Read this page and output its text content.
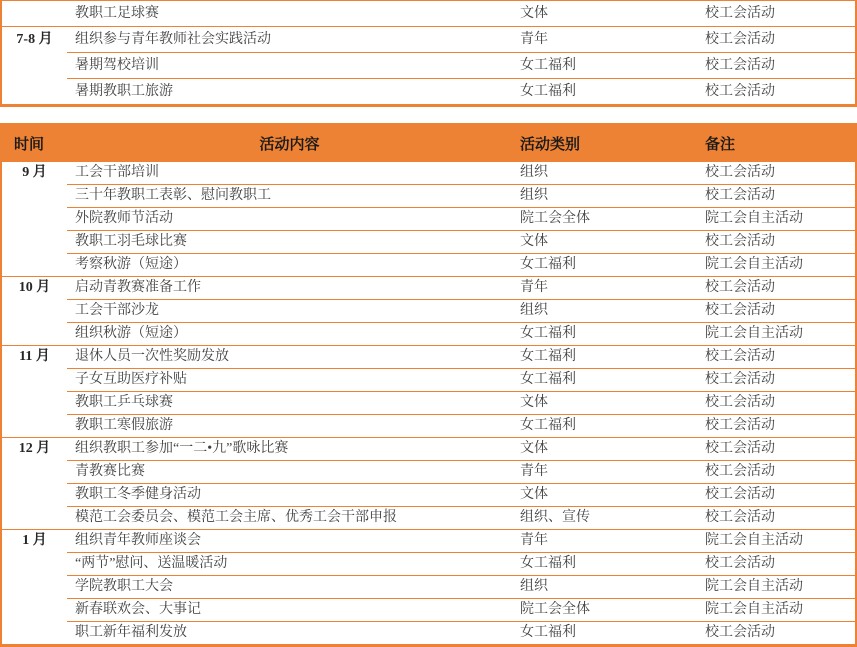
教职工足球赛	文体	校工会活动
7-8 月	组织参与青年教师社会实践活动	青年	校工会活动
暑期驾校培训	女工福利	校工会活动
暑期教职工旅游	女工福利	校工会活动
时间	活动内容	活动类别	备注
9 月	工会干部培训	组织	校工会活动
三十年教职工表彰、慰问教职工	组织	校工会活动
外院教师节活动	院工会全体	院工会自主活动
教职工羽毛球比赛	文体	校工会活动
考察秋游（短途）	女工福利	院工会自主活动
10 月	启动青教赛准备工作	青年	校工会活动
工会干部沙龙	组织	校工会活动
组织秋游（短途）	女工福利	院工会自主活动
11 月	退休人员一次性奖励发放	女工福利	校工会活动
子女互助医疗补贴	女工福利	校工会活动
教职工乒乓球赛	文体	校工会活动
教职工寒假旅游	女工福利	校工会活动
12 月	组织教职工参加“一二•九”歌咏比赛	文体	校工会活动
青教赛比赛	青年	校工会活动
教职工冬季健身活动	文体	校工会活动
模范工会委员会、模范工会主席、优秀工会干部申报	组织、宣传	校工会活动
1 月	组织青年教师座谈会	青年	院工会自主活动
“两节”慰问、送温暖活动	女工福利	校工会活动
学院教职工大会	组织	院工会自主活动
新春联欢会、大事记	院工会全体	院工会自主活动
职工新年福利发放	女工福利	校工会活动
